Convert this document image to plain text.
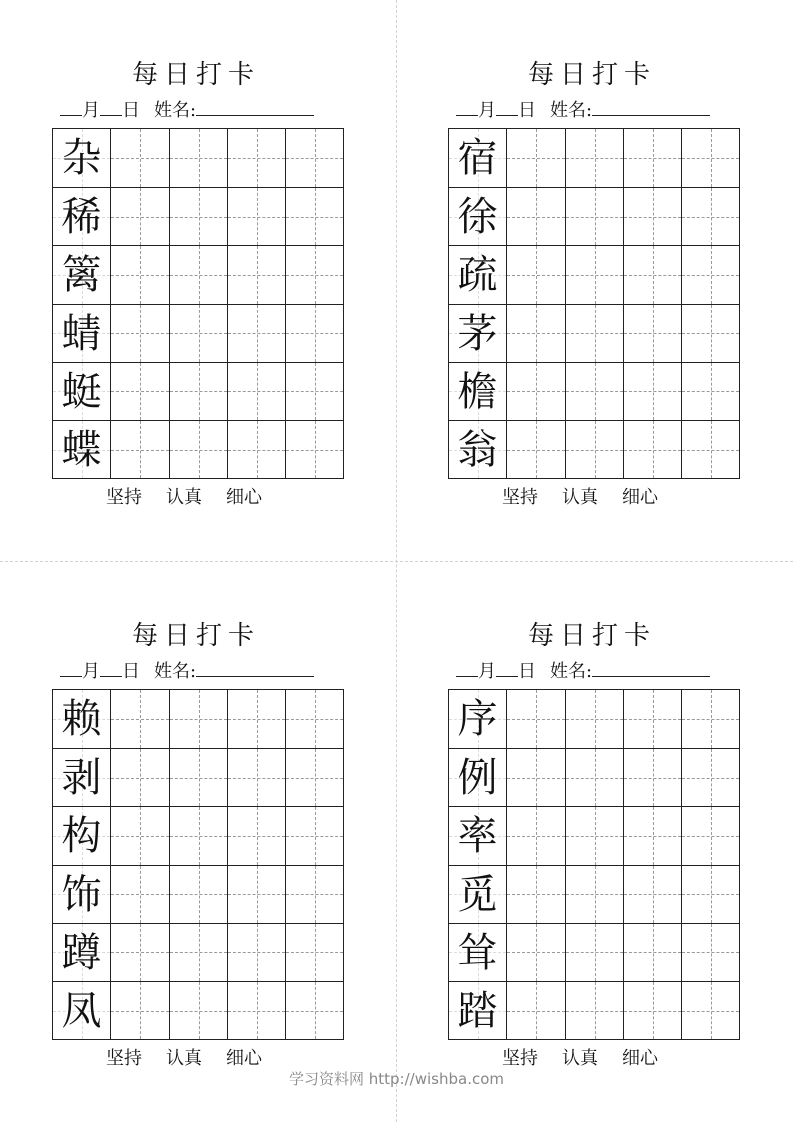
每日打卡
月 日 姓名:
杂
稀
篱
蜻
蜓
蝶
坚持 认真 细心
每日打卡
月 日 姓名:
宿
徐
疏
茅
檐
翁
坚持 认真 细心
每日打卡
月 日 姓名:
赖
剥
构
饰
蹲
凤
坚持 认真 细心
每日打卡
月 日 姓名:
序
例
率
觅
耸
踏
坚持 认真 细心
学习资料网 http://wishba.com
